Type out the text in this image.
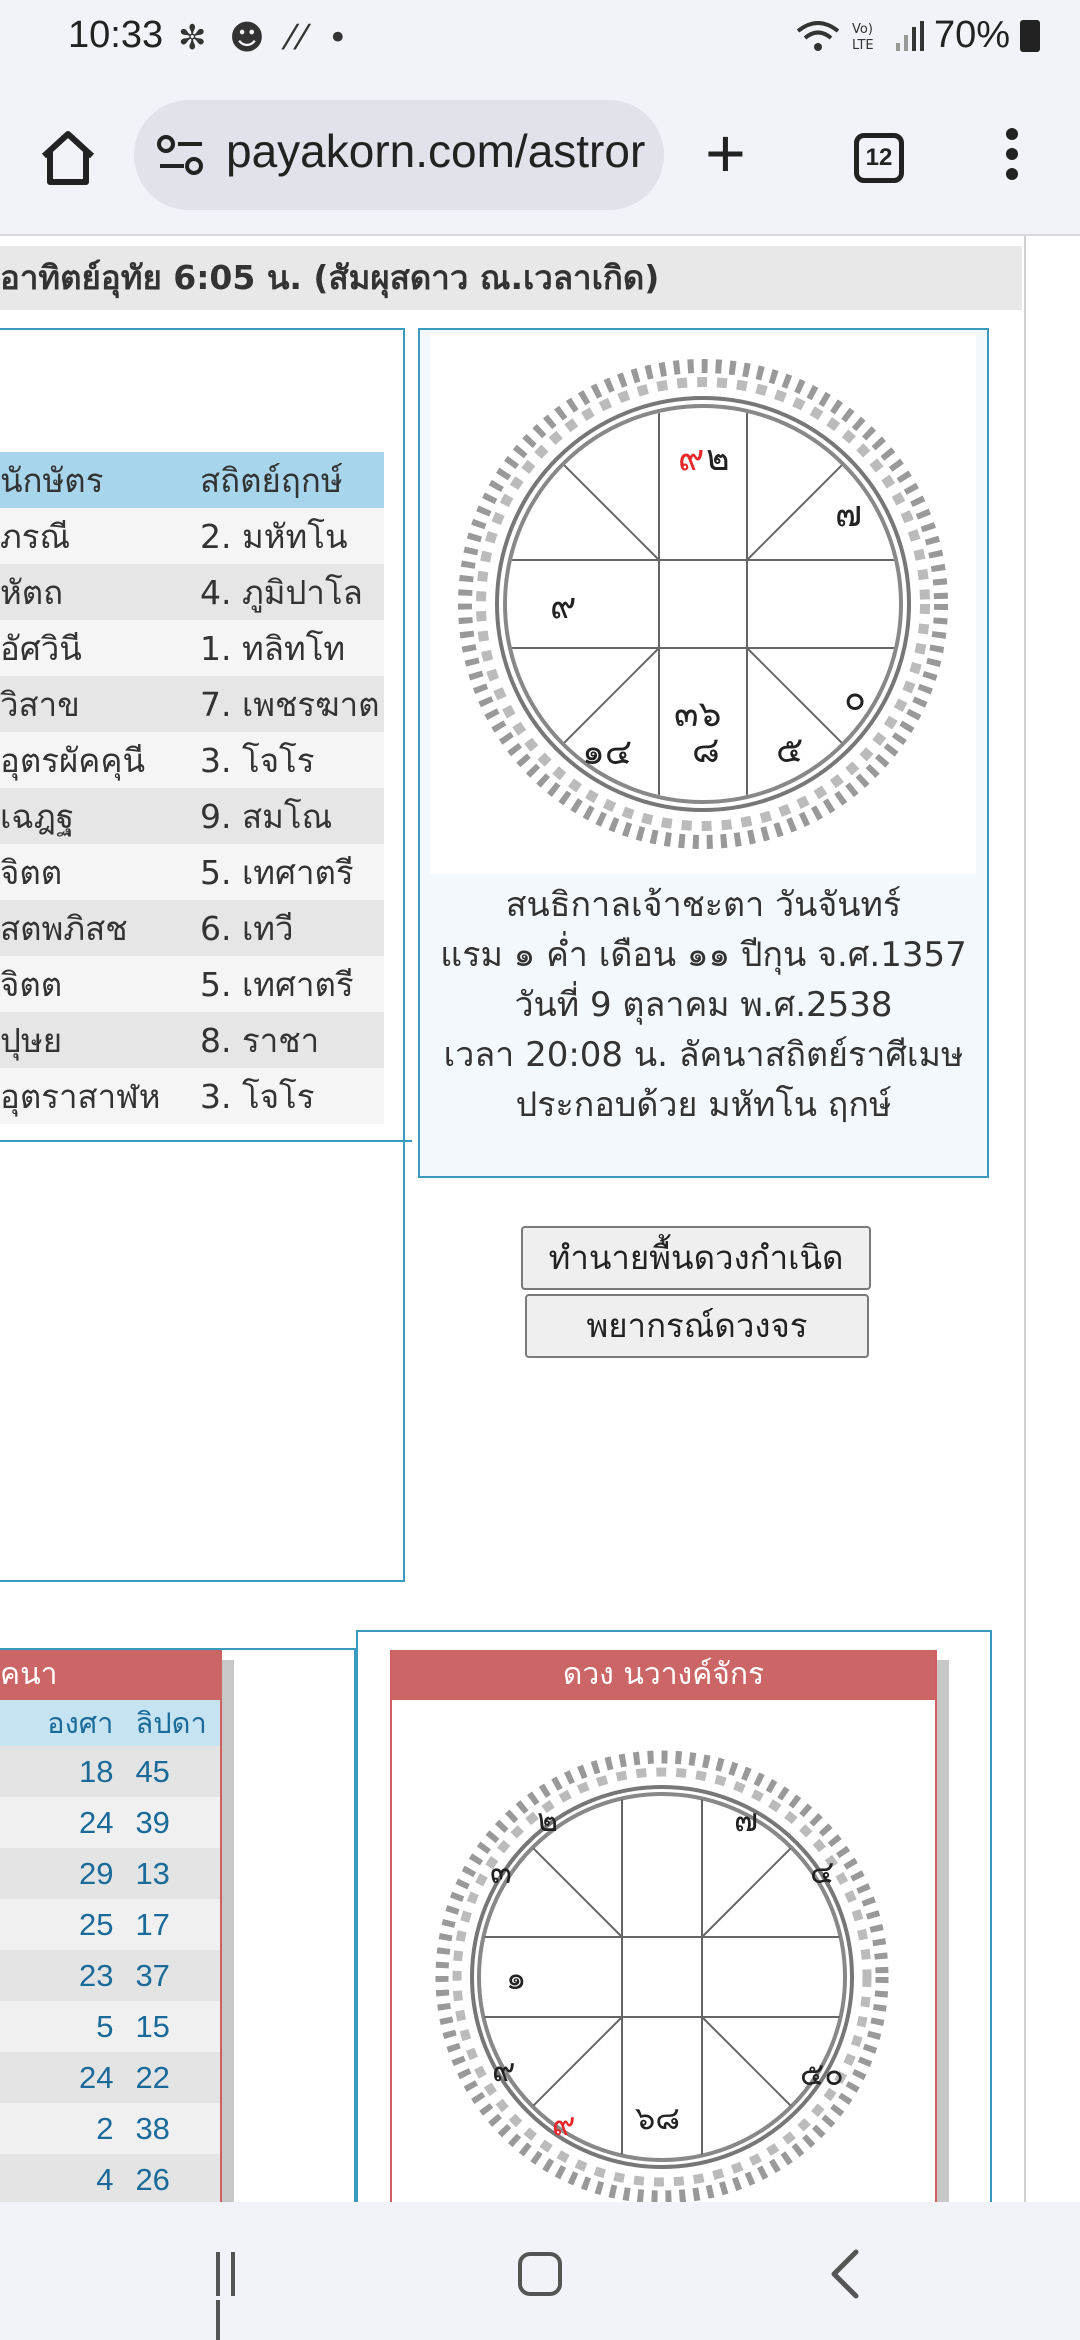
10:33 ✼ ☻ ⁄⁄ •	Vo)
LTE 70%
payakorn.com/astror +	12
อาทิตย์อุทัย 6:05 น. (สัมผุสดาว ณ.เวลาเกิด)
นักษัตร	สถิตย์ฤกษ์
ภรณี	2. มหัทโน
หัตถ	4. ภูมิปาโล
อัศวินี	1. ทลิทโท
วิสาข	7. เพชรฆาต
อุตรผัคคุนี	3. โจโร
เฉฎฐ	9. สมโณ
จิตต	5. เทศาตรี
สตพภิสช	6. เทวี
จิตต	5. เทศาตรี
ปุษย	8. ราชา
อุตราสาฬห	3. โจโร
๙ ๒
๗
๙
๐
๑๔
๓๖
๘ ๕
สนธิกาลเจ้าชะตา วันจันทร์
แรม ๑ ค่ำ เดือน ๑๑ ปีกุน จ.ศ.1357
วันที่ 9 ตุลาคม พ.ศ.2538
เวลา 20:08 น. ลัคนาสถิตย์ราศีเมษ
ประกอบด้วย มหัทโน ฤกษ์
ทำนายพื้นดวงกำเนิด
พยากรณ์ดวงจร
คนา
องศา	ลิปดา
18	45
24	39
29	13
25	17
23	37
5	15
24	22
2	38
4	26
ดวง นวางค์จักร
๒	๗
๓	๔
๑
๙	๕๐
๙ ๖๘
